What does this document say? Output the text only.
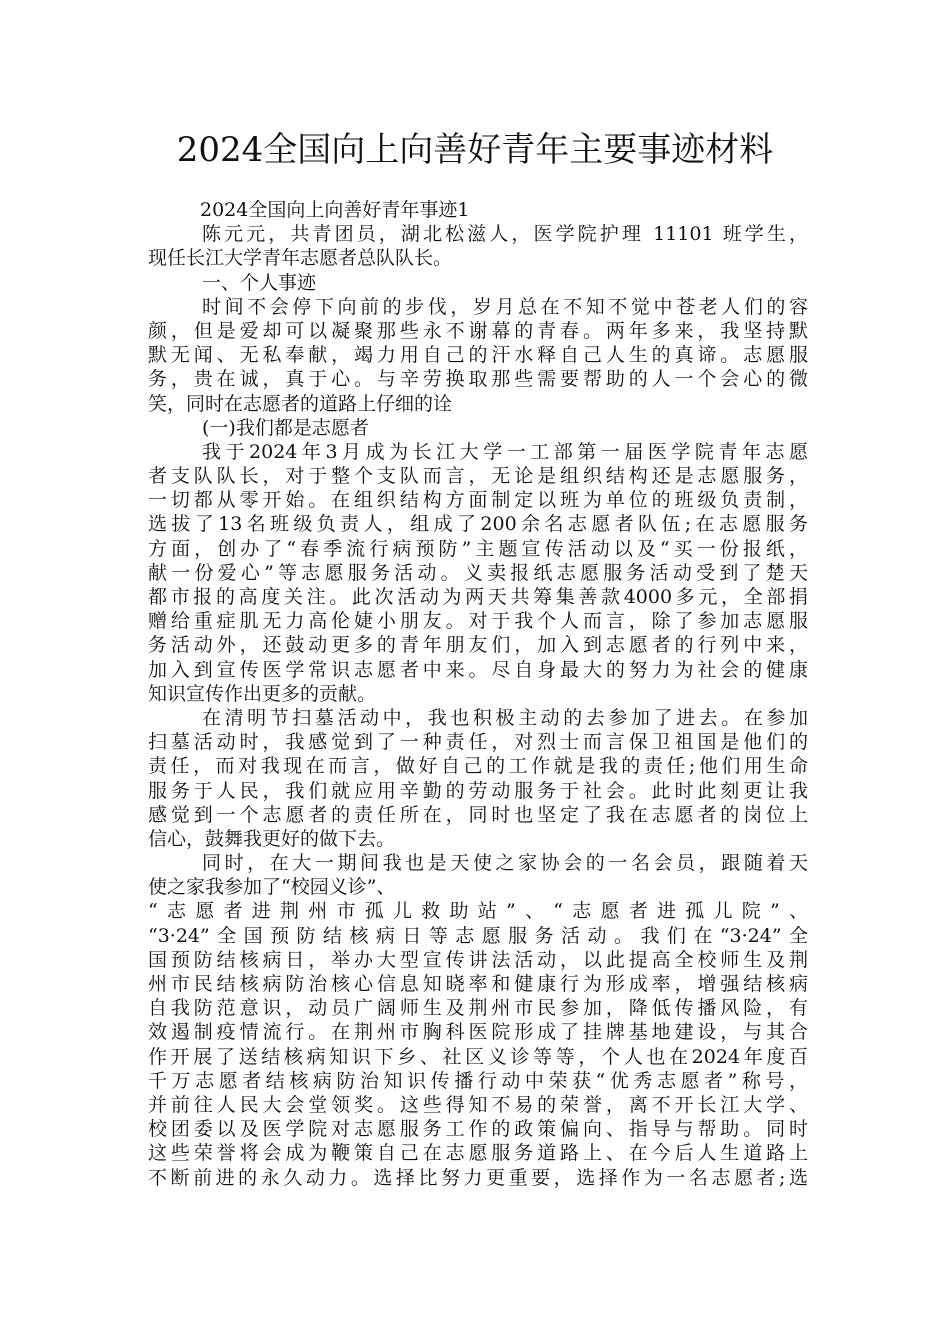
2024全国向上向善好青年主要事迹材料
2024全国向上向善好青年事迹1
陈元元，共青团员，湖北松滋人，医学院护理 11101 班学生，
现任长江大学青年志愿者总队队长。
一、个人事迹
时间不会停下向前的步伐，岁月总在不知不觉中苍老人们的容
颜，但是爱却可以凝聚那些永不谢幕的青春。两年多来，我坚持默
默无闻、无私奉献，竭力用自己的汗水释自己人生的真谛。志愿服
务，贵在诚，真于心。与辛劳换取那些需要帮助的人一个会心的微
笑，同时在志愿者的道路上仔细的诠
(一)我们都是志愿者
我于2024年3月成为长江大学一工部第一届医学院青年志愿
者支队队长，对于整个支队而言，无论是组织结构还是志愿服务，
一切都从零开始。在组织结构方面制定以班为单位的班级负责制，
选拔了13名班级负责人，组成了200余名志愿者队伍;在志愿服务
方面，创办了“春季流行病预防”主题宣传活动以及“买一份报纸，
献一份爱心”等志愿服务活动。义卖报纸志愿服务活动受到了楚天
都市报的高度关注。此次活动为两天共筹集善款4000多元，全部捐
赠给重症肌无力高伦婕小朋友。对于我个人而言，除了参加志愿服
务活动外，还鼓动更多的青年朋友们，加入到志愿者的行列中来，
加入到宣传医学常识志愿者中来。尽自身最大的努力为社会的健康
知识宣传作出更多的贡献。
在清明节扫墓活动中，我也积极主动的去参加了进去。在参加
扫墓活动时，我感觉到了一种责任，对烈士而言保卫祖国是他们的
责任，而对我现在而言，做好自己的工作就是我的责任;他们用生命
服务于人民，我们就应用辛勤的劳动服务于社会。此时此刻更让我
感觉到一个志愿者的责任所在，同时也坚定了我在志愿者的岗位上
信心，鼓舞我更好的做下去。
同时，在大一期间我也是天使之家协会的一名会员，跟随着天
使之家我参加了“校园义诊”、
“志愿者进荆州市孤儿救助站”、“志愿者进孤儿院”、
“3·24”全国预防结核病日等志愿服务活动。我们在“3·24”全
国预防结核病日，举办大型宣传讲法活动，以此提高全校师生及荆
州市民结核病防治核心信息知晓率和健康行为形成率，增强结核病
自我防范意识，动员广阔师生及荆州市民参加，降低传播风险，有
效遏制疫情流行。在荆州市胸科医院形成了挂牌基地建设，与其合
作开展了送结核病知识下乡、社区义诊等等，个人也在2024年度百
千万志愿者结核病防治知识传播行动中荣获“优秀志愿者”称号，
并前往人民大会堂领奖。这些得知不易的荣誉，离不开长江大学、
校团委以及医学院对志愿服务工作的政策偏向、指导与帮助。同时
这些荣誉将会成为鞭策自己在志愿服务道路上、在今后人生道路上
不断前进的永久动力。选择比努力更重要，选择作为一名志愿者;选
